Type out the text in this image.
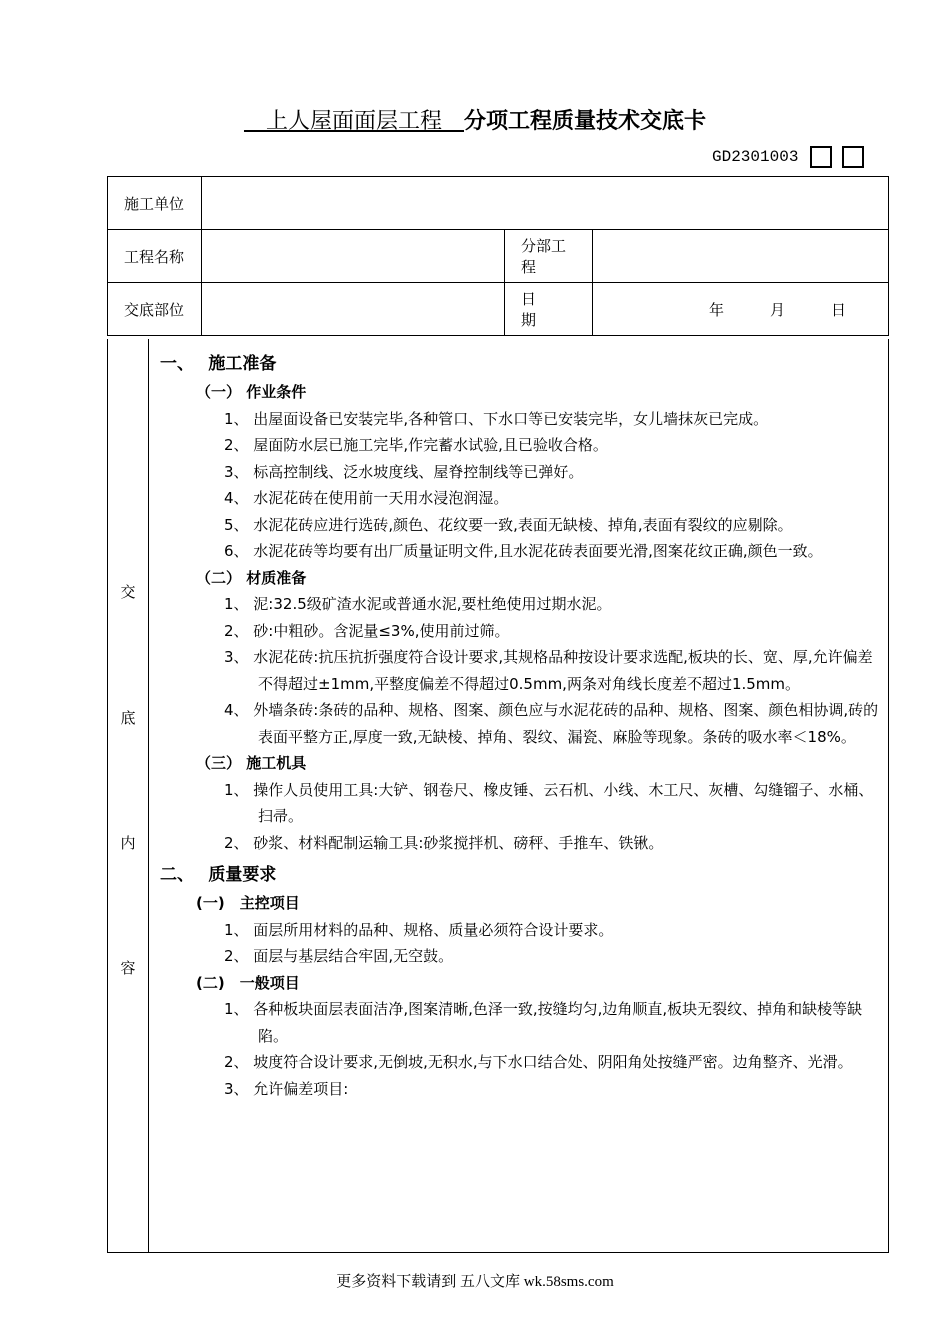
　上人屋面面层工程　分项工程质量技术交底卡
GD2301003
施工单位			
工程名称		分部工程	
交底部位		日　　期	年 月 日
交
底
内
容
一、　 施工准备
（一） 作业条件
1、 出屋面设备已安装完毕,各种管口、下水口等已安装完毕，女儿墙抹灰已完成。
2、 屋面防水层已施工完毕,作完蓄水试验,且已验收合格。
3、 标高控制线、泛水坡度线、屋脊控制线等已弹好。
4、 水泥花砖在使用前一天用水浸泡润湿。
5、 水泥花砖应进行选砖,颜色、花纹要一致,表面无缺棱、掉角,表面有裂纹的应剔除。
6、 水泥花砖等均要有出厂质量证明文件,且水泥花砖表面要光滑,图案花纹正确,颜色一致。
（二） 材质准备
1、 泥:32.5级矿渣水泥或普通水泥,要杜绝使用过期水泥。
2、 砂:中粗砂。含泥量≤3%,使用前过筛。
3、 水泥花砖:抗压抗折强度符合设计要求,其规格品种按设计要求选配,板块的长、宽、厚,允许偏差不得超过±1mm,平整度偏差不得超过0.5mm,两条对角线长度差不超过1.5mm。
4、 外墙条砖:条砖的品种、规格、图案、颜色应与水泥花砖的品种、规格、图案、颜色相协调,砖的表面平整方正,厚度一致,无缺棱、掉角、裂纹、漏瓷、麻脸等现象。条砖的吸水率＜18%。
（三） 施工机具
1、 操作人员使用工具:大铲、钢卷尺、橡皮锤、云石机、小线、木工尺、灰槽、勾缝镏子、水桶、扫帚。
2、 砂浆、材料配制运输工具:砂浆搅拌机、磅秤、手推车、铁锹。
二、　 质量要求
(一)　主控项目
1、 面层所用材料的品种、规格、质量必须符合设计要求。
2、 面层与基层结合牢固,无空鼓。
(二)　一般项目
1、 各种板块面层表面洁净,图案清晰,色泽一致,按缝均匀,边角顺直,板块无裂纹、掉角和缺棱等缺陷。
2、 坡度符合设计要求,无倒坡,无积水,与下水口结合处、阴阳角处按缝严密。边角整齐、光滑。
3、 允许偏差项目:
更多资料下载请到 五八文库 wk.58sms.com
